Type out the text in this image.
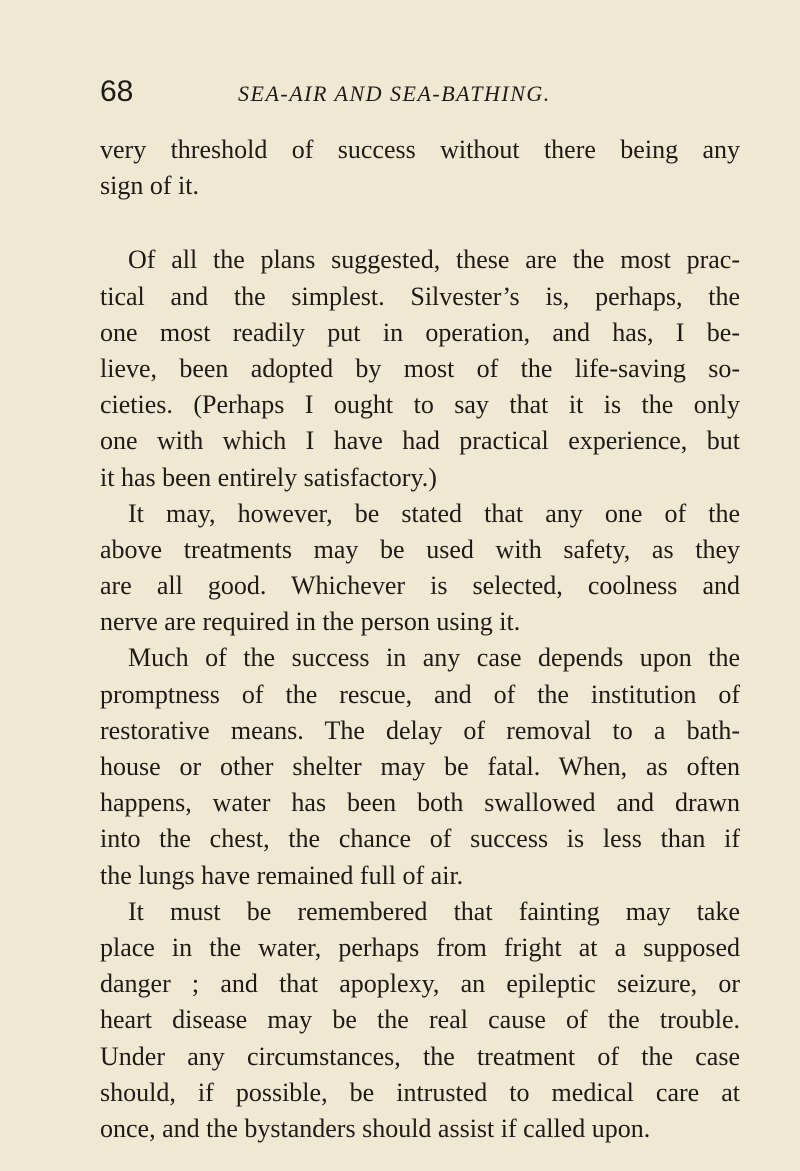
68	SEA-AIR AND SEA-BATHING.
very threshold of success without there being any
sign of it.
Of all the plans suggested, these are the most prac-
tical and the simplest. Silvester’s is, perhaps, the
one most readily put in operation, and has, I be-
lieve, been adopted by most of the life-saving so-
cieties. (Perhaps I ought to say that it is the only
one with which I have had practical experience, but
it has been entirely satisfactory.)
It may, however, be stated that any one of the
above treatments may be used with safety, as they
are all good. Whichever is selected, coolness and
nerve are required in the person using it.
Much of the success in any case depends upon the
promptness of the rescue, and of the institution of
restorative means. The delay of removal to a bath-
house or other shelter may be fatal. When, as often
happens, water has been both swallowed and drawn
into the chest, the chance of success is less than if
the lungs have remained full of air.
It must be remembered that fainting may take
place in the water, perhaps from fright at a supposed
danger ; and that apoplexy, an epileptic seizure, or
heart disease may be the real cause of the trouble.
Under any circumstances, the treatment of the case
should, if possible, be intrusted to medical care at
once, and the bystanders should assist if called upon.
